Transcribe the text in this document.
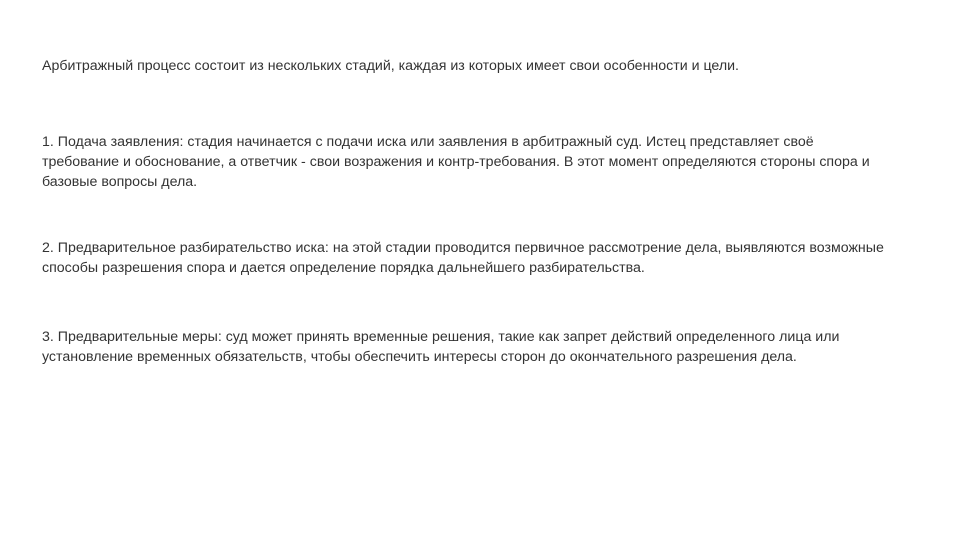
Арбитражный процесс состоит из нескольких стадий, каждая из которых имеет свои особенности и цели.

1. Подача заявления: стадия начинается с подачи иска или заявления в арбитражный суд. Истец представляет своё
требование и обоснование, а ответчик - свои возражения и контр-требования. В этот момент определяются стороны спора и
базовые вопросы дела.

2. Предварительное разбирательство иска: на этой стадии проводится первичное рассмотрение дела, выявляются возможные
способы разрешения спора и дается определение порядка дальнейшего разбирательства.

3. Предварительные меры: суд может принять временные решения, такие как запрет действий определенного лица или
установление временных обязательств, чтобы обеспечить интересы сторон до окончательного разрешения дела.
